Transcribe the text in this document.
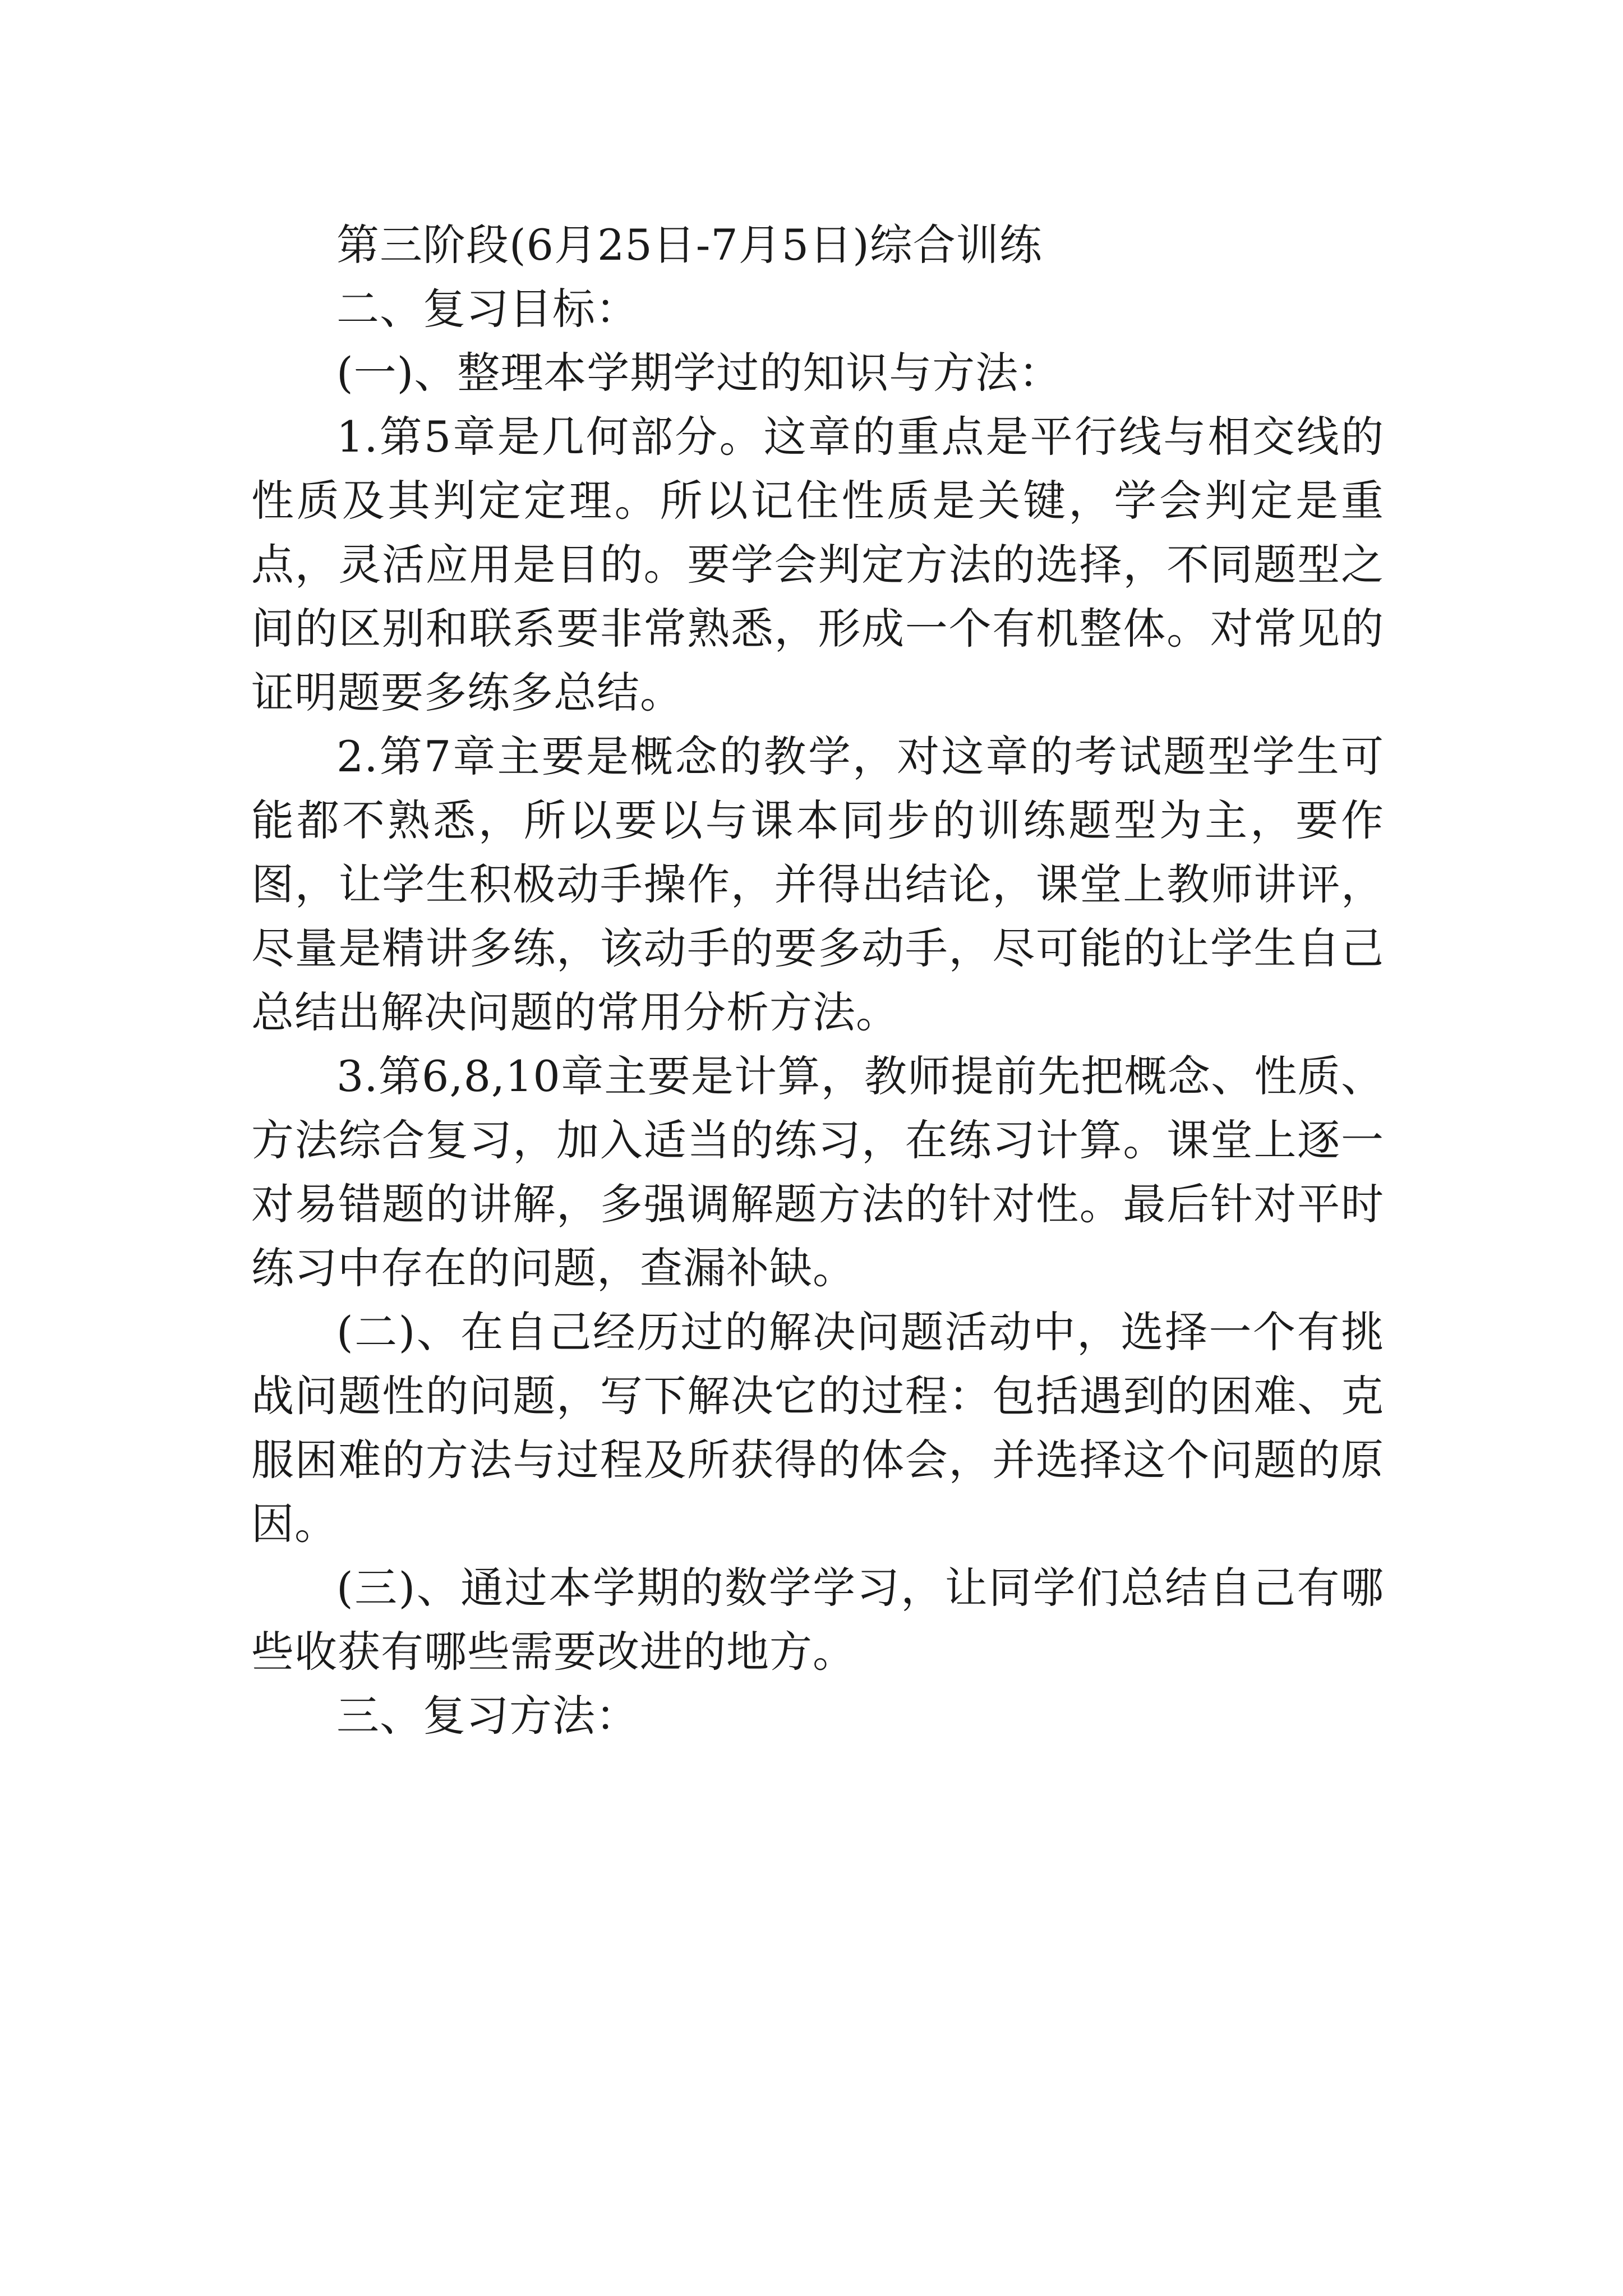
第三阶段(6月25日-7月5日)综合训练

二、复习目标：

(一)、整理本学期学过的知识与方法：

1.第5章是几何部分。这章的重点是平行线与相交线的性质及其判定定理。所以记住性质是关键，学会判定是重点，灵活应用是目的。要学会判定方法的选择，不同题型之间的区别和联系要非常熟悉，形成一个有机整体。对常见的证明题要多练多总结。

2.第7章主要是概念的教学，对这章的考试题型学生可能都不熟悉，所以要以与课本同步的训练题型为主，要作图，让学生积极动手操作，并得出结论，课堂上教师讲评，尽量是精讲多练，该动手的要多动手，尽可能的让学生自己总结出解决问题的常用分析方法。

3.第6,8,10章主要是计算，教师提前先把概念、性质、方法综合复习，加入适当的练习，在练习计算。课堂上逐一对易错题的讲解，多强调解题方法的针对性。最后针对平时练习中存在的问题，查漏补缺。

(二)、在自己经历过的解决问题活动中，选择一个有挑战问题性的问题，写下解决它的过程：包括遇到的困难、克服困难的方法与过程及所获得的体会，并选择这个问题的原因。

(三)、通过本学期的数学学习，让同学们总结自己有哪些收获有哪些需要改进的地方。

三、复习方法：
